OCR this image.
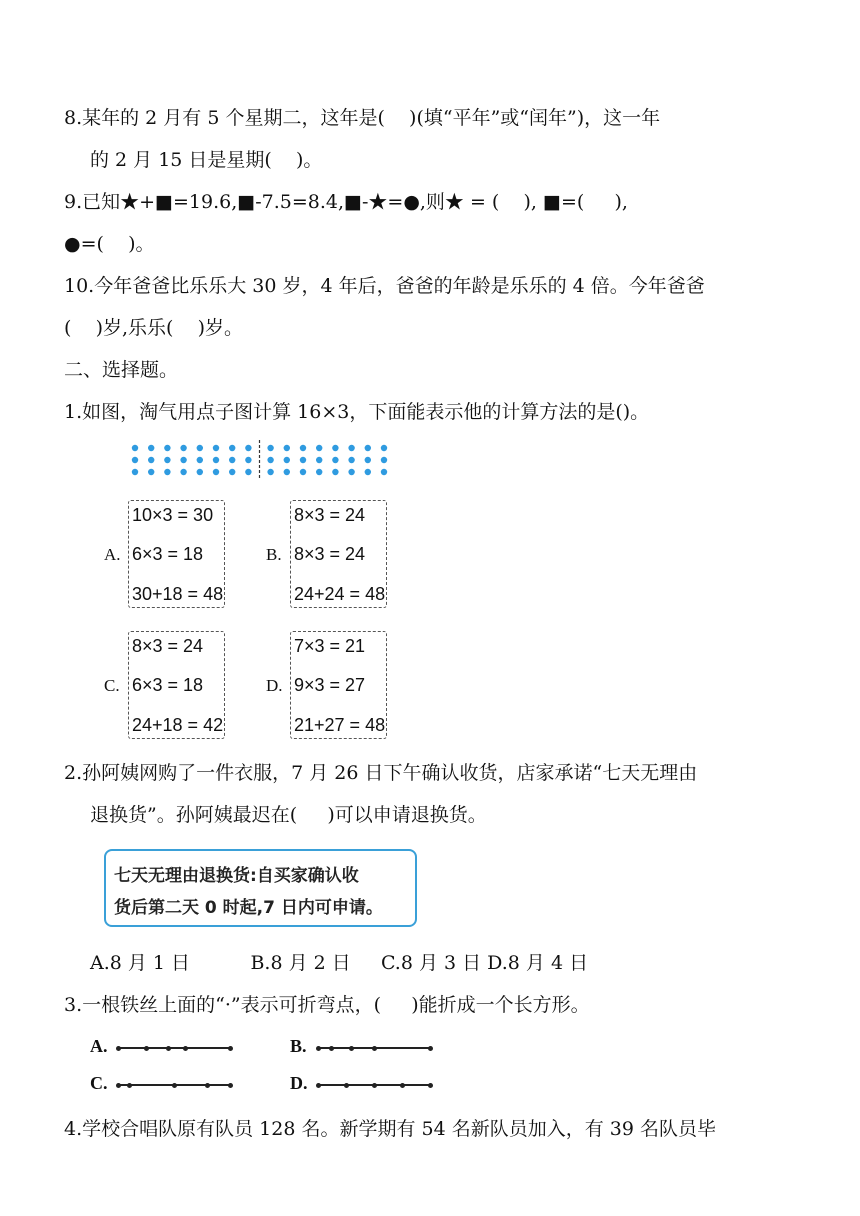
8.某年的 2 月有 5 个星期二，这年是(    )(填“平年”或“闰年”)，这一年
的 2 月 15 日是星期(    )。
9.已知★+■=19.6,■-7.5=8.4,■-★=●,则★ = (    ), ■=(     ),
●=(    )。
10.今年爸爸比乐乐大 30 岁，4 年后，爸爸的年龄是乐乐的 4 倍。今年爸爸
(    )岁,乐乐(    )岁。
二、选择题。
1.如图，淘气用点子图计算 16×3，下面能表示他的计算方法的是()。
A.
10×3 = 30
6×3 = 18
30+18 = 48
B.
8×3 = 24
8×3 = 24
24+24 = 48
C.
8×3 = 24
6×3 = 18
24+18 = 42
D.
7×3 = 21
9×3 = 27
21+27 = 48
2.孙阿姨网购了一件衣服，7 月 26 日下午确认收货，店家承诺“七天无理由
退换货”。孙阿姨最迟在(     )可以申请退换货。
七天无理由退换货:自买家确认收
货后第二天 0 时起,7 日内可申请。
A.8 月 1 日          B.8 月 2 日     C.8 月 3 日 D.8 月 4 日
3.一根铁丝上面的“·”表示可折弯点，(     )能折成一个长方形。
A.	B.
C.	D.
4.学校合唱队原有队员 128 名。新学期有 54 名新队员加入，有 39 名队员毕
